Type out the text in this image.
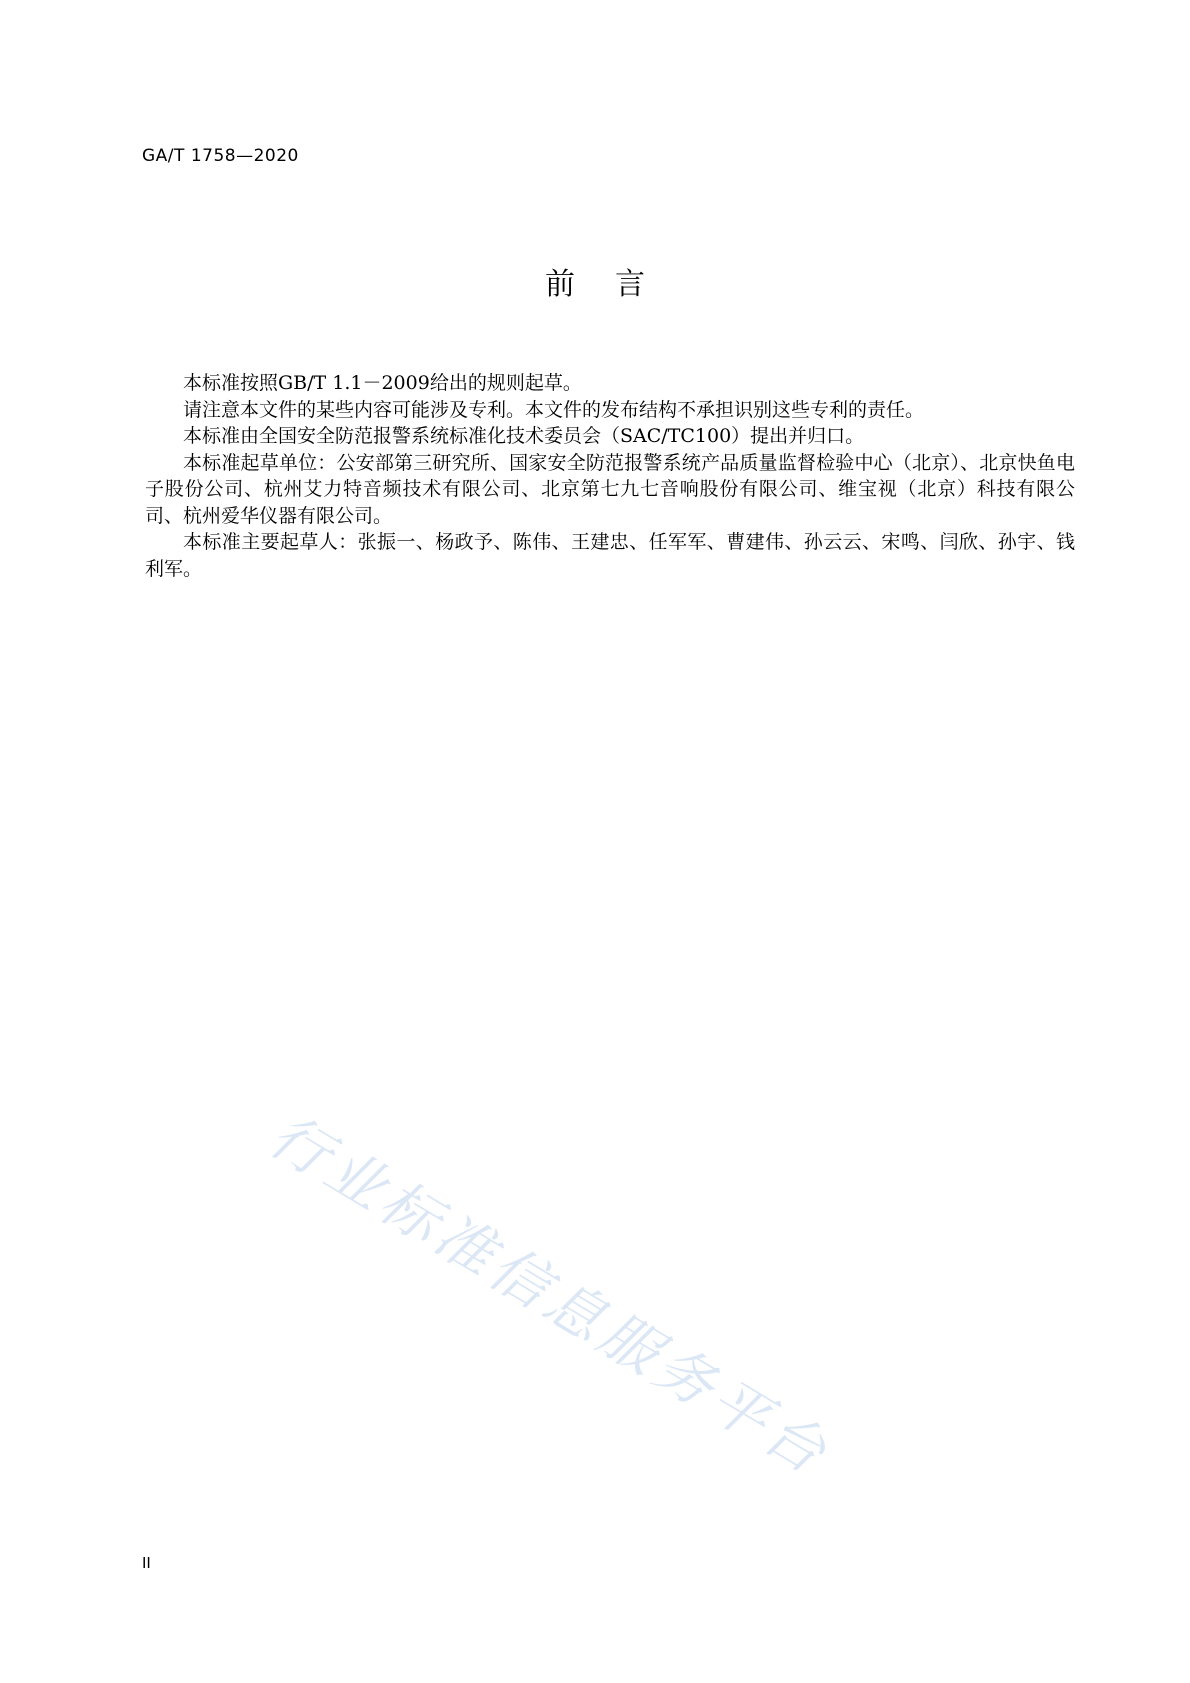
GA/T 1758—2020
前言

本标准按照GB/T 1.1－2009给出的规则起草。

请注意本文件的某些内容可能涉及专利。本文件的发布结构不承担识别这些专利的责任。

本标准由全国安全防范报警系统标准化技术委员会（SAC/TC100）提出并归口。

本标准起草单位：公安部第三研究所、国家安全防范报警系统产品质量监督检验中心（北京）、北京快鱼电子股份公司、杭州艾力特音频技术有限公司、北京第七九七音响股份有限公司、维宝视（北京）科技有限公司、杭州爱华仪器有限公司。

本标准主要起草人：张振一、杨政予、陈伟、王建忠、任军军、曹建伟、孙云云、宋鸣、闫欣、孙宇、钱利军。

行业标准信息服务平台
II
